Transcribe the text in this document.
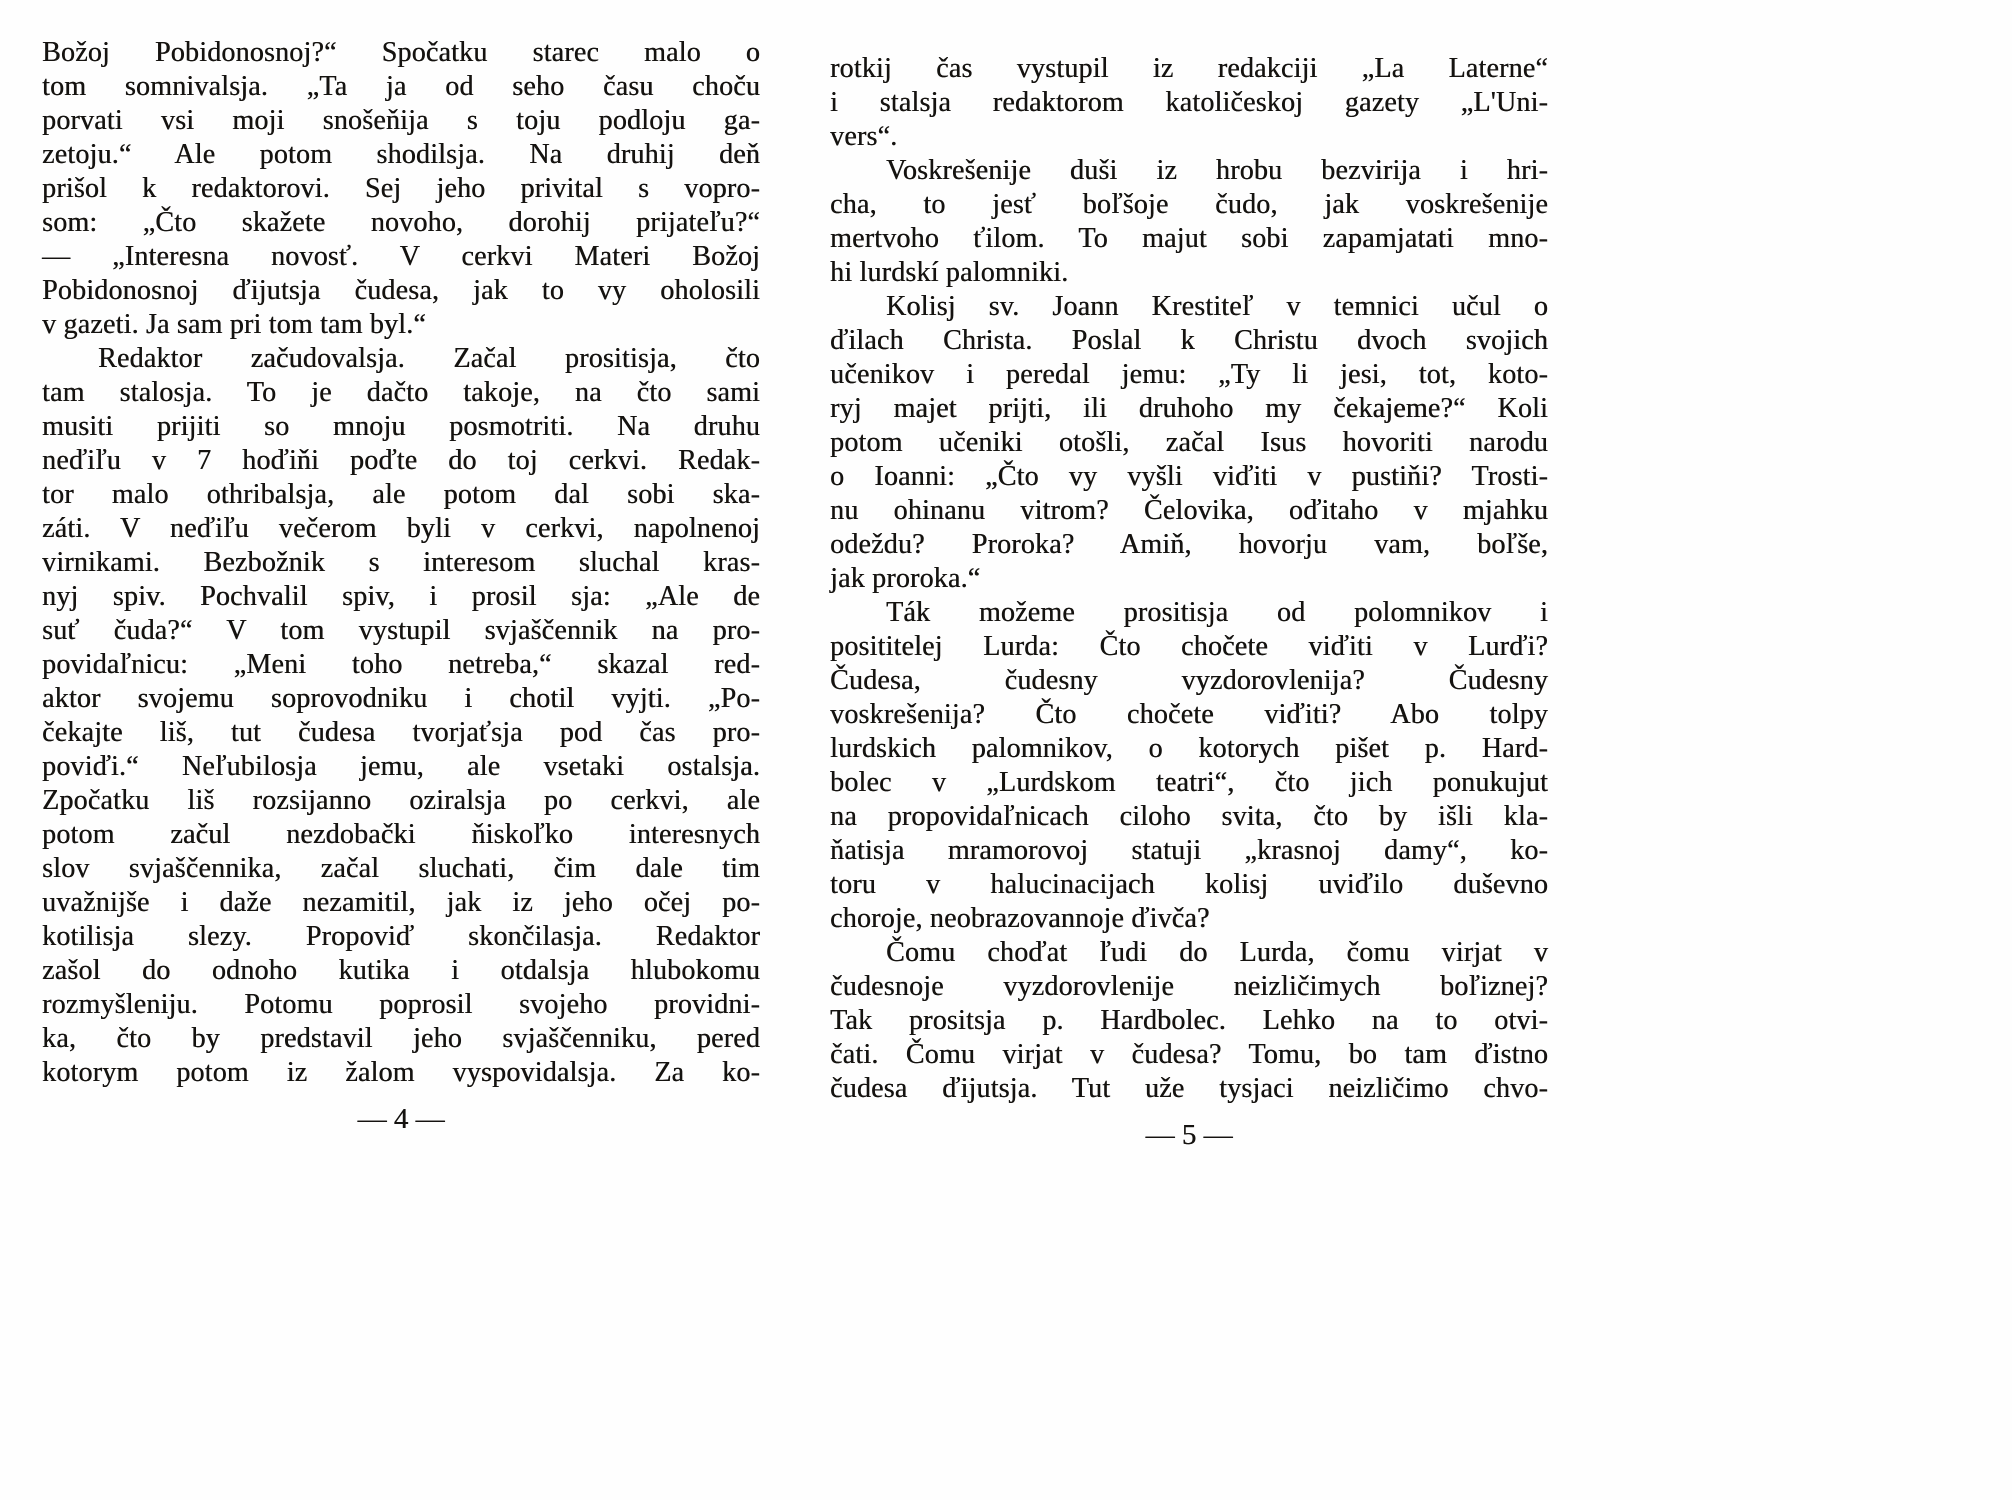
Božoj Pobidonosnoj?“ Spočatku starec malo o
tom somnivalsja. „Ta ja od seho času choču
porvati vsi moji snošeňija s toju podloju ga-
zetoju.“ Ale potom shodilsja. Na druhij deň
prišol k redaktorovi. Sej jeho privital s vopro-
som: „Čto skažete novoho, dorohij prijateľu?“
— „Interesna novosť. V cerkvi Materi Božoj
Pobidonosnoj ďijutsja čudesa, jak to vy oholosili
v gazeti. Ja sam pri tom tam byl.“
Redaktor začudovalsja. Začal prositisja, čto
tam stalosja. To je dačto takoje, na čto sami
musiti prijiti so mnoju posmotriti. Na druhu
neďiľu v 7 hoďiňi poďte do toj cerkvi. Redak-
tor malo othribalsja, ale potom dal sobi ska-
záti. V neďiľu večerom byli v cerkvi, napolnenoj
virnikami. Bezbožnik s interesom sluchal kras-
nyj spiv. Pochvalil spiv, i prosil sja: „Ale de
suť čuda?“ V tom vystupil svjaščennik na pro-
povidaľnicu: „Meni toho netreba,“ skazal red-
aktor svojemu soprovodniku i chotil vyjti. „Po-
čekajte liš, tut čudesa tvorjaťsja pod čas pro-
poviďi.“ Neľubilosja jemu, ale vsetaki ostalsja.
Zpočatku liš rozsijanno oziralsja po cerkvi, ale
potom začul nezdobački ňiskoľko interesnych
slov svjaščennika, začal sluchati, čim dale tim
uvažnijše i daže nezamitil, jak iz jeho očej po-
kotilisja slezy. Propoviď skončilasja. Redaktor
zašol do odnoho kutika i otdalsja hlubokomu
rozmyšleniju. Potomu poprosil svojeho providni-
ka, čto by predstavil jeho svjaščenniku, pered
kotorym potom iz žalom vyspovidalsja. Za ko-
— 4 —
rotkij čas vystupil iz redakciji „La Laterne“
i stalsja redaktorom katoličeskoj gazety „L'Uni-
vers“.
Voskrešenije duši iz hrobu bezvirija i hri-
cha, to jesť boľšoje čudo, jak voskrešenije
mertvoho ťilom. To majut sobi zapamjatati mno-
hi lurdskí palomniki.
Kolisj sv. Joann Krestiteľ v temnici učul o
ďilach Christa. Poslal k Christu dvoch svojich
učenikov i peredal jemu: „Ty li jesi, tot, koto-
ryj majet prijti, ili druhoho my čekajeme?“ Koli
potom učeniki otošli, začal Isus hovoriti narodu
o Ioanni: „Čto vy vyšli viďiti v pustiňi? Trosti-
nu ohinanu vitrom? Čelovika, oďitaho v mjahku
odeždu? Proroka? Amiň, hovorju vam, boľše,
jak proroka.“
Ták možeme prositisja od polomnikov i
posititelej Lurda: Čto chočete viďiti v Lurďi?
Čudesa, čudesny vyzdorovlenija? Čudesny
voskrešenija? Čto chočete viďiti? Abo tolpy
lurdskich palomnikov, o kotorych pišet p. Hard-
bolec v „Lurdskom teatri“, čto jich ponukujut
na propovidaľnicach ciloho svita, čto by išli kla-
ňatisja mramorovoj statuji „krasnoj damy“, ko-
toru v halucinacijach kolisj uviďilo duševno
choroje, neobrazovannoje ďivča?
Čomu choďat ľudi do Lurda, čomu virjat v
čudesnoje vyzdorovlenije neizličimych boľiznej?
Tak prositsja p. Hardbolec. Lehko na to otvi-
čati. Čomu virjat v čudesa? Tomu, bo tam ďistno
čudesa ďijutsja. Tut uže tysjaci neizličimo chvo-
— 5 —
